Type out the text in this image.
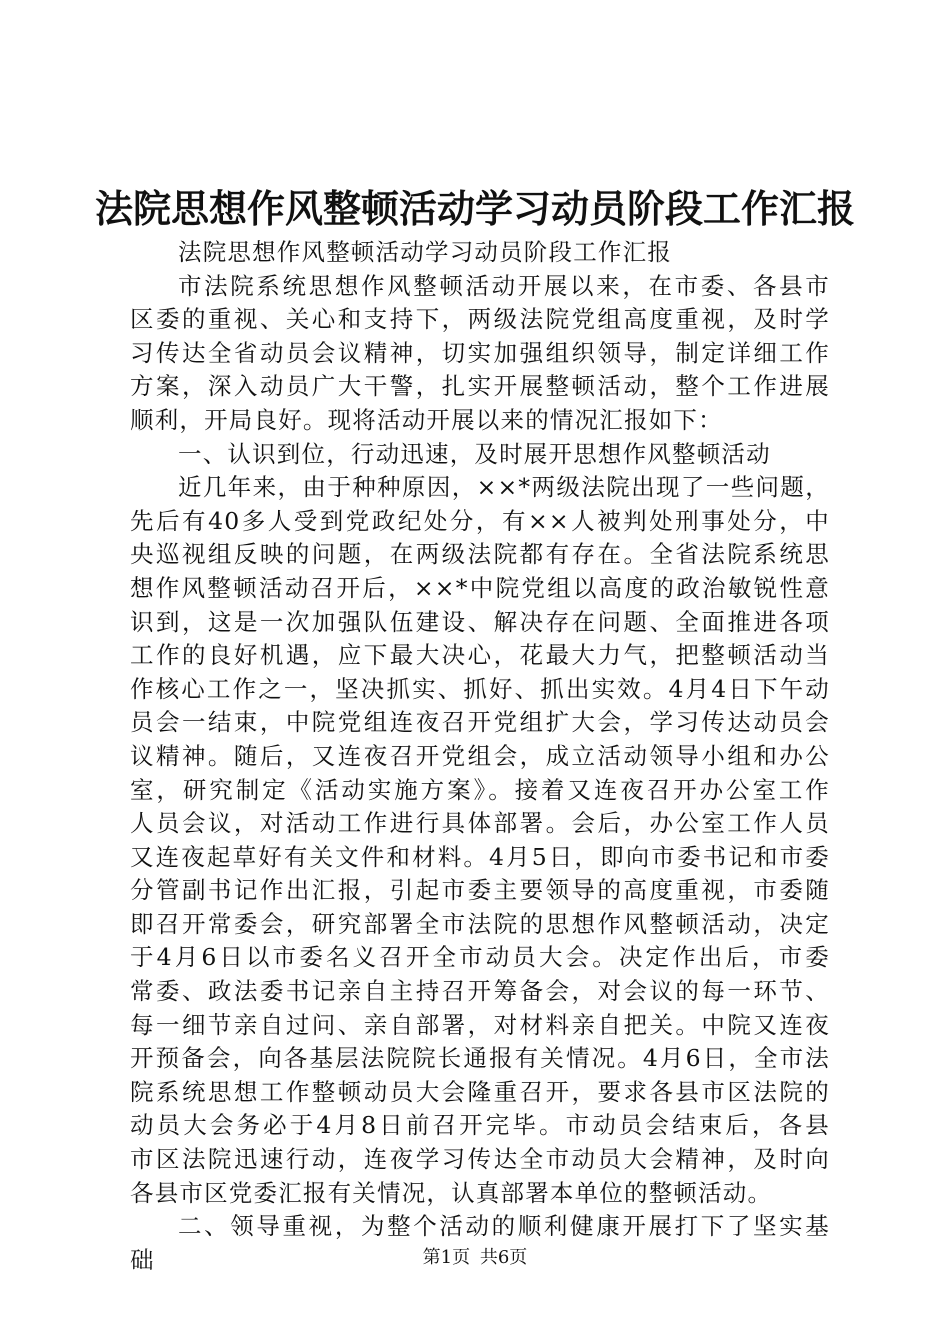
法院思想作风整顿活动学习动员阶段工作汇报
法院思想作风整顿活动学习动员阶段工作汇报
市法院系统思想作风整顿活动开展以来，在市委、各县市
区委的重视、关心和支持下，两级法院党组高度重视，及时学
习传达全省动员会议精神，切实加强组织领导，制定详细工作
方案，深入动员广大干警，扎实开展整顿活动，整个工作进展
顺利，开局良好。现将活动开展以来的情况汇报如下：
一、认识到位，行动迅速，及时展开思想作风整顿活动
近几年来，由于种种原因，××*两级法院出现了一些问题，
先后有40多人受到党政纪处分，有××人被判处刑事处分，中
央巡视组反映的问题，在两级法院都有存在。全省法院系统思
想作风整顿活动召开后，××*中院党组以高度的政治敏锐性意
识到，这是一次加强队伍建设、解决存在问题、全面推进各项
工作的良好机遇，应下最大决心，花最大力气，把整顿活动当
作核心工作之一，坚决抓实、抓好、抓出实效。4月4日下午动
员会一结束，中院党组连夜召开党组扩大会，学习传达动员会
议精神。随后，又连夜召开党组会，成立活动领导小组和办公
室，研究制定《活动实施方案》。接着又连夜召开办公室工作
人员会议，对活动工作进行具体部署。会后，办公室工作人员
又连夜起草好有关文件和材料。4月5日，即向市委书记和市委
分管副书记作出汇报，引起市委主要领导的高度重视，市委随
即召开常委会，研究部署全市法院的思想作风整顿活动，决定
于4月6日以市委名义召开全市动员大会。决定作出后，市委
常委、政法委书记亲自主持召开筹备会，对会议的每一环节、
每一细节亲自过问、亲自部署，对材料亲自把关。中院又连夜
开预备会，向各基层法院院长通报有关情况。4月6日，全市法
院系统思想工作整顿动员大会隆重召开，要求各县市区法院的
动员大会务必于4月8日前召开完毕。市动员会结束后，各县
市区法院迅速行动，连夜学习传达全市动员大会精神，及时向
各县市区党委汇报有关情况，认真部署本单位的整顿活动。
二、领导重视，为整个活动的顺利健康开展打下了坚实基
础	第1页 共6页
